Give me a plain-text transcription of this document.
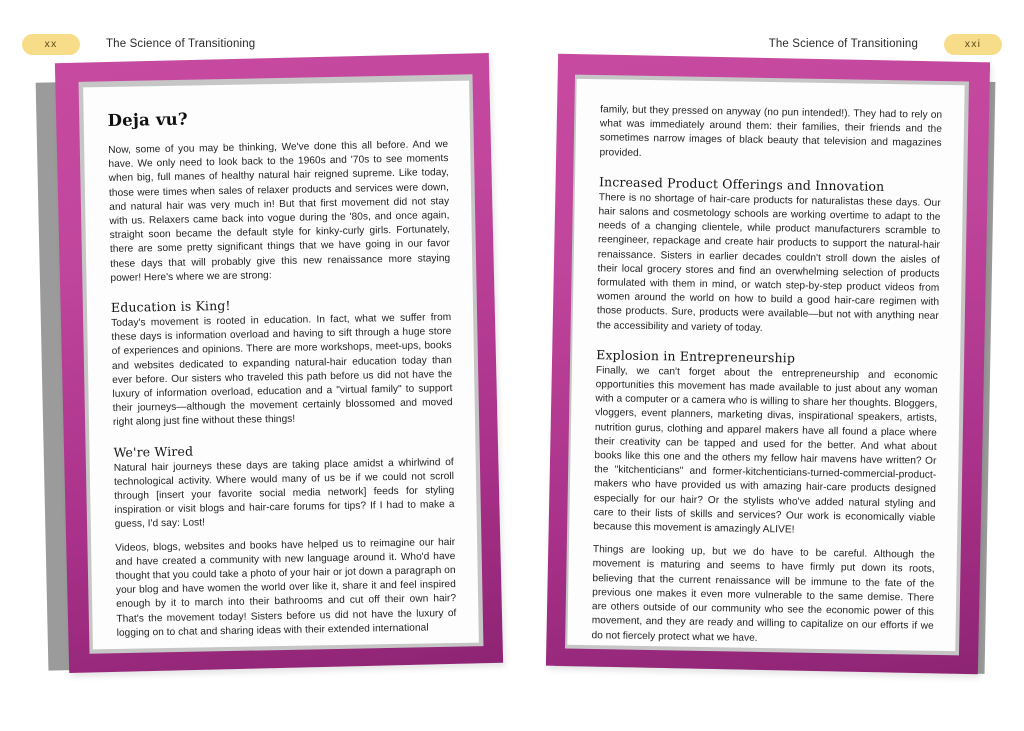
xx	The Science of Transitioning	The Science of Transitioning	xxi
Deja vu?

Now, some of you may be thinking, We've done this all before. And we have. We only need to look back to the 1960s and '70s to see moments when big, full manes of healthy natural hair reigned supreme. Like today, those were times when sales of relaxer products and services were down, and natural hair was very much in! But that first movement did not stay with us. Relaxers came back into vogue during the '80s, and once again, straight soon became the default style for kinky-curly girls. Fortunately, there are some pretty significant things that we have going in our favor these days that will probably give this new renaissance more staying power! Here's where we are strong:

Education is King!

Today's movement is rooted in education. In fact, what we suffer from these days is information overload and having to sift through a huge store of experiences and opinions. There are more workshops, meet-ups, books and websites dedicated to expanding natural-hair education today than ever before. Our sisters who traveled this path before us did not have the luxury of information overload, education and a "virtual family" to support their journeys—although the movement certainly blossomed and moved right along just fine without these things!

We're Wired

Natural hair journeys these days are taking place amidst a whirlwind of technological activity. Where would many of us be if we could not scroll through [insert your favorite social media network] feeds for styling inspiration or visit blogs and hair-care forums for tips? If I had to make a guess, I'd say: Lost!

Videos, blogs, websites and books have helped us to reimagine our hair and have created a community with new language around it. Who'd have thought that you could take a photo of your hair or jot down a paragraph on your blog and have women the world over like it, share it and feel inspired enough by it to march into their bathrooms and cut off their own hair? That's the movement today! Sisters before us did not have the luxury of logging on to chat and sharing ideas with their extended international

family, but they pressed on anyway (no pun intended!). They had to rely on what was immediately around them: their families, their friends and the sometimes narrow images of black beauty that television and magazines provided.

Increased Product Offerings and Innovation

There is no shortage of hair-care products for naturalistas these days. Our hair salons and cosmetology schools are working overtime to adapt to the needs of a changing clientele, while product manufacturers scramble to reengineer, repackage and create hair products to support the natural-hair renaissance. Sisters in earlier decades couldn't stroll down the aisles of their local grocery stores and find an overwhelming selection of products formulated with them in mind, or watch step-by-step product videos from women around the world on how to build a good hair-care regimen with those products. Sure, products were available—but not with anything near the accessibility and variety of today.

Explosion in Entrepreneurship

Finally, we can't forget about the entrepreneurship and economic opportunities this movement has made available to just about any woman with a computer or a camera who is willing to share her thoughts. Bloggers, vloggers, event planners, marketing divas, inspirational speakers, artists, nutrition gurus, clothing and apparel makers have all found a place where their creativity can be tapped and used for the better. And what about books like this one and the others my fellow hair mavens have written? Or the "kitchenticians" and former-kitchenticians-turned-commercial-product-makers who have provided us with amazing hair-care products designed especially for our hair? Or the stylists who've added natural styling and care to their lists of skills and services? Our work is economically viable because this movement is amazingly ALIVE!

Things are looking up, but we do have to be careful. Although the movement is maturing and seems to have firmly put down its roots, believing that the current renaissance will be immune to the fate of the previous one makes it even more vulnerable to the same demise. There are others outside of our community who see the economic power of this movement, and they are ready and willing to capitalize on our efforts if we do not fiercely protect what we have.
